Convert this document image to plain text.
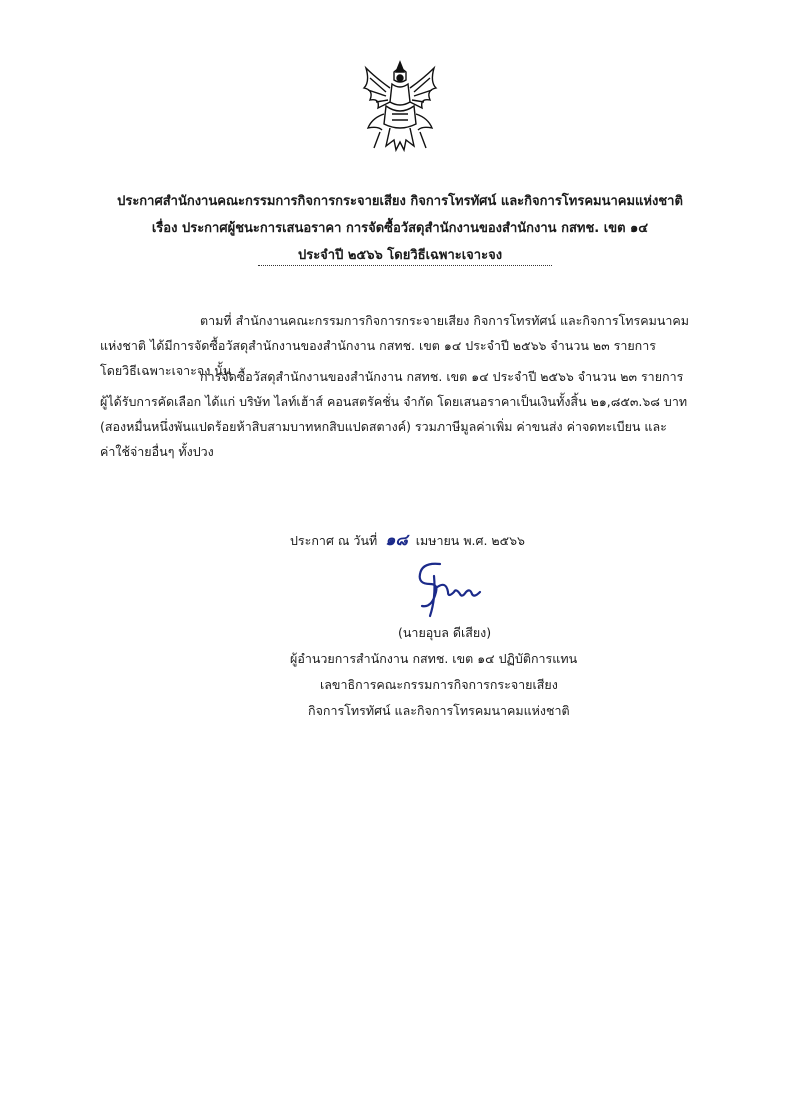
ประกาศสำนักงานคณะกรรมการกิจการกระจายเสียง กิจการโทรทัศน์ และกิจการโทรคมนาคมแห่งชาติ
เรื่อง ประกาศผู้ชนะการเสนอราคา การจัดซื้อวัสดุสำนักงานของสำนักงาน กสทช. เขต ๑๔
ประจำปี ๒๕๖๖ โดยวิธีเฉพาะเจาะจง
ตามที่ สำนักงานคณะกรรมการกิจการกระจายเสียง กิจการโทรทัศน์ และกิจการโทรคมนาคม
แห่งชาติ ได้มีการจัดซื้อวัสดุสำนักงานของสำนักงาน กสทช. เขต ๑๔ ประจำปี ๒๕๖๖ จำนวน ๒๓ รายการ
โดยวิธีเฉพาะเจาะจง นั้น
การจัดซื้อวัสดุสำนักงานของสำนักงาน กสทช. เขต ๑๔ ประจำปี ๒๕๖๖ จำนวน ๒๓ รายการ
ผู้ได้รับการคัดเลือก ได้แก่ บริษัท ไลท์เฮ้าส์ คอนสตรัคชั่น จำกัด โดยเสนอราคาเป็นเงินทั้งสิ้น ๒๑,๘๕๓.๖๘ บาท
(สองหมื่นหนึ่งพันแปดร้อยห้าสิบสามบาทหกสิบแปดสตางค์) รวมภาษีมูลค่าเพิ่ม ค่าขนส่ง ค่าจดทะเบียน และ
ค่าใช้จ่ายอื่นๆ ทั้งปวง
ประกาศ ณ วันที่ ๑๘ เมษายน พ.ศ. ๒๕๖๖
(นายอุบล ดีเสียง)
ผู้อำนวยการสำนักงาน กสทช. เขต ๑๔ ปฏิบัติการแทน
เลขาธิการคณะกรรมการกิจการกระจายเสียง
กิจการโทรทัศน์ และกิจการโทรคมนาคมแห่งชาติ
